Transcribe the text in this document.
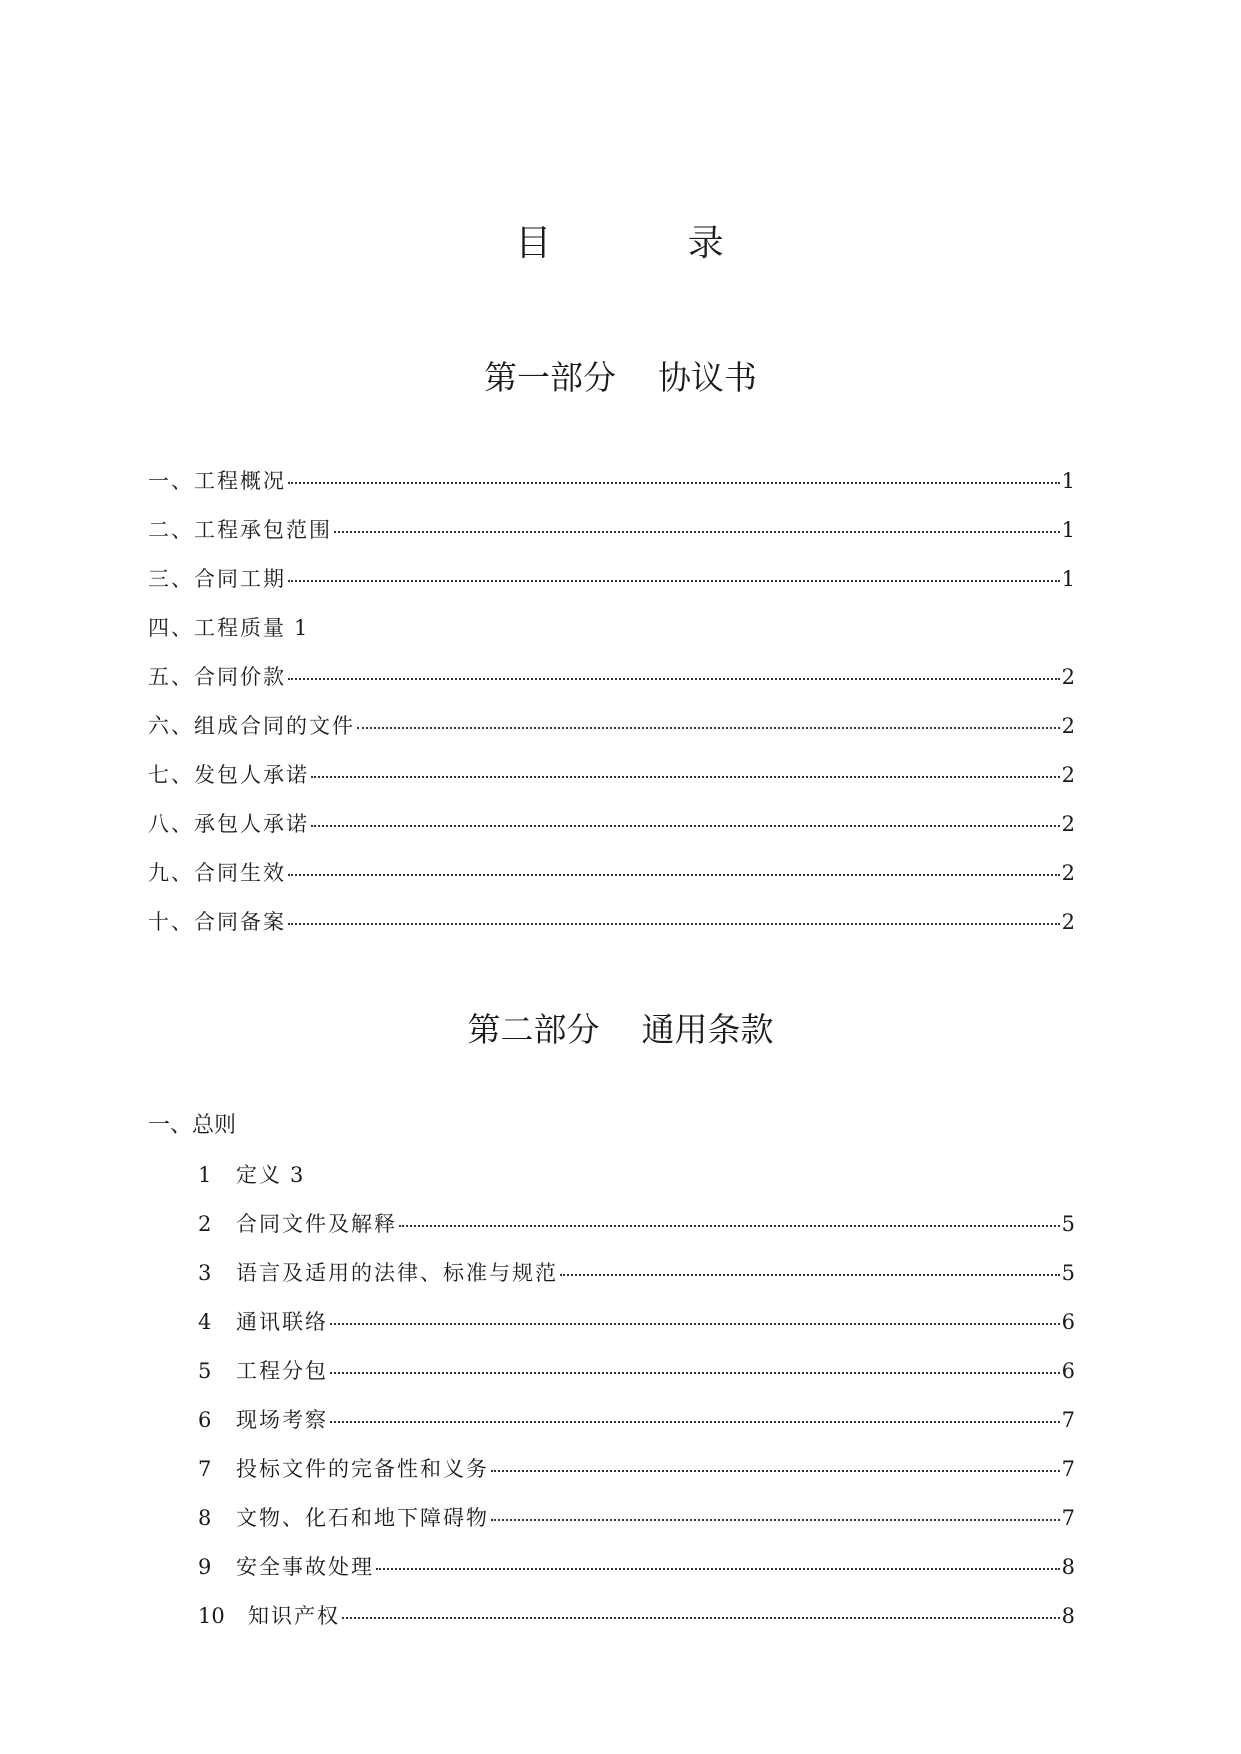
目          录
第一部分    协议书
一、工程概况	1
二、工程承包范围	1
三、合同工期	1
四、工程质量 1
五、合同价款	2
六、组成合同的文件	2
七、发包人承诺	2
八、承包人承诺	2
九、合同生效	2
十、合同备案	2
第二部分    通用条款
一、总则
1	定义 3
2	合同文件及解释	5
3	语言及适用的法律、标准与规范	5
4	通讯联络	6
5	工程分包	6
6	现场考察	7
7	投标文件的完备性和义务	7
8	文物、化石和地下障碍物	7
9	安全事故处理	8
10	知识产权	8
